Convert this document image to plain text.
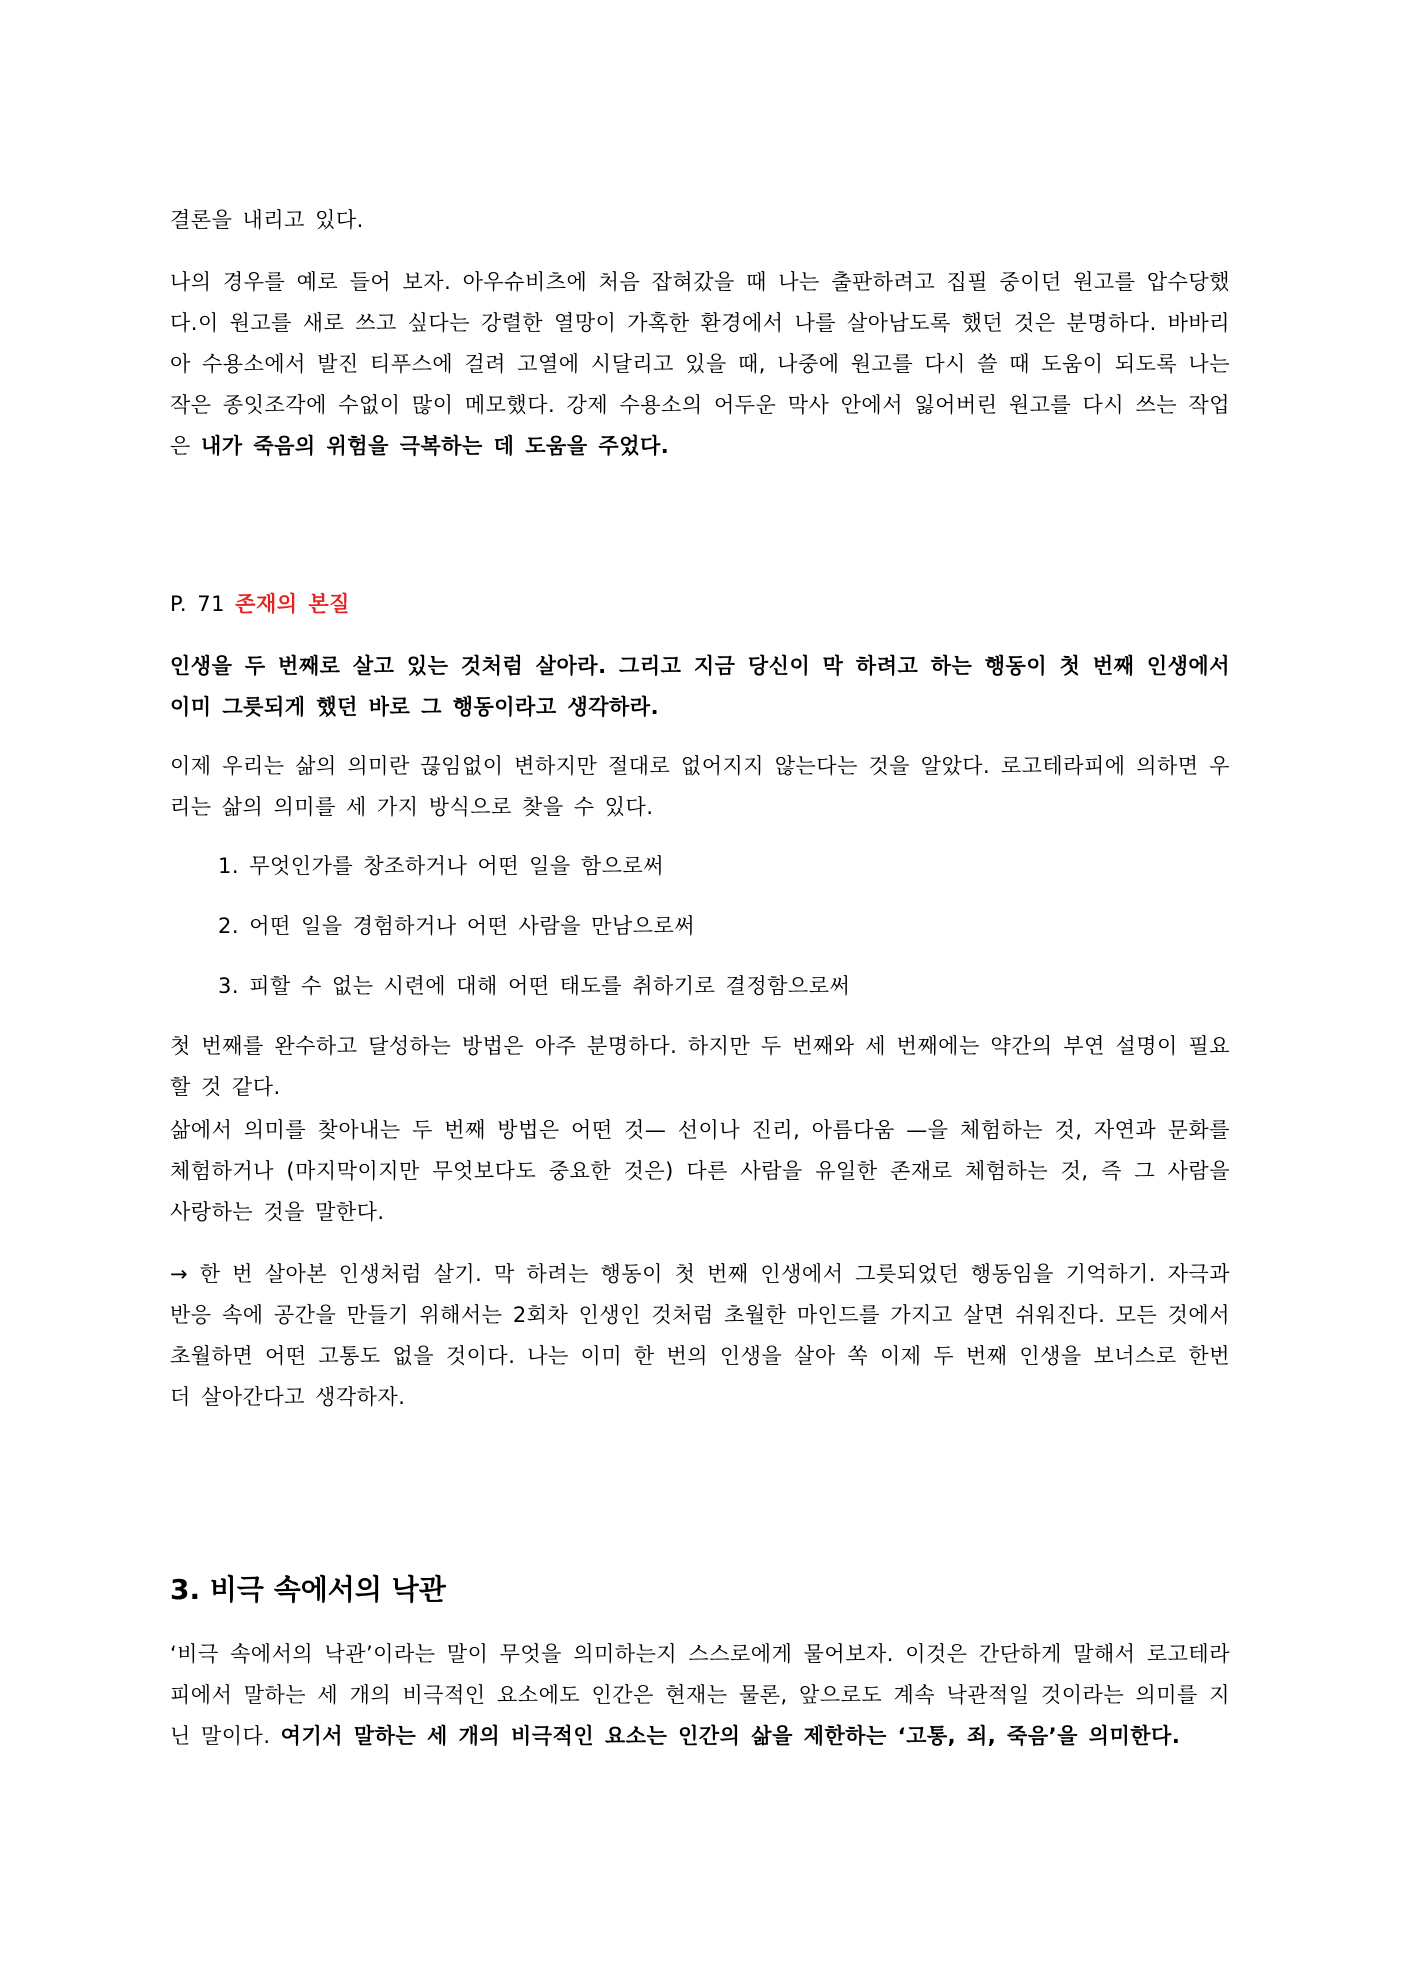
결론을 내리고 있다.

나의 경우를 예로 들어 보자. 아우슈비츠에 처음 잡혀갔을 때 나는 출판하려고 집필 중이던 원고를 압수당했다.이 원고를 새로 쓰고 싶다는 강렬한 열망이 가혹한 환경에서 나를 살아남도록 했던 것은 분명하다. 바바리아 수용소에서 발진 티푸스에 걸려 고열에 시달리고 있을 때, 나중에 원고를 다시 쓸 때 도움이 되도록 나는 작은 종잇조각에 수없이 많이 메모했다. 강제 수용소의 어두운 막사 안에서 잃어버린 원고를 다시 쓰는 작업은 내가 죽음의 위험을 극복하는 데 도움을 주었다.

P. 71 존재의 본질

인생을 두 번째로 살고 있는 것처럼 살아라. 그리고 지금 당신이 막 하려고 하는 행동이 첫 번째 인생에서 이미 그릇되게 했던 바로 그 행동이라고 생각하라.

이제 우리는 삶의 의미란 끊임없이 변하지만 절대로 없어지지 않는다는 것을 알았다. 로고테라피에 의하면 우리는 삶의 의미를 세 가지 방식으로 찾을 수 있다.

1. 무엇인가를 창조하거나 어떤 일을 함으로써
2. 어떤 일을 경험하거나 어떤 사람을 만남으로써
3. 피할 수 없는 시련에 대해 어떤 태도를 취하기로 결정함으로써

첫 번째를 완수하고 달성하는 방법은 아주 분명하다. 하지만 두 번째와 세 번째에는 약간의 부연 설명이 필요할 것 같다.

삶에서 의미를 찾아내는 두 번째 방법은 어떤 것— 선이나 진리, 아름다움 —을 체험하는 것, 자연과 문화를 체험하거나 (마지막이지만 무엇보다도 중요한 것은) 다른 사람을 유일한 존재로 체험하는 것, 즉 그 사람을 사랑하는 것을 말한다.

→ 한 번 살아본 인생처럼 살기. 막 하려는 행동이 첫 번째 인생에서 그릇되었던 행동임을 기억하기. 자극과 반응 속에 공간을 만들기 위해서는 2회차 인생인 것처럼 초월한 마인드를 가지고 살면 쉬워진다. 모든 것에서 초월하면 어떤 고통도 없을 것이다. 나는 이미 한 번의 인생을 살아 쏙 이제 두 번째 인생을 보너스로 한번 더 살아간다고 생각하자.

3. 비극 속에서의 낙관

‘비극 속에서의 낙관’이라는 말이 무엇을 의미하는지 스스로에게 물어보자. 이것은 간단하게 말해서 로고테라피에서 말하는 세 개의 비극적인 요소에도 인간은 현재는 물론, 앞으로도 계속 낙관적일 것이라는 의미를 지닌 말이다. 여기서 말하는 세 개의 비극적인 요소는 인간의 삶을 제한하는 ‘고통, 죄, 죽음’을 의미한다.
